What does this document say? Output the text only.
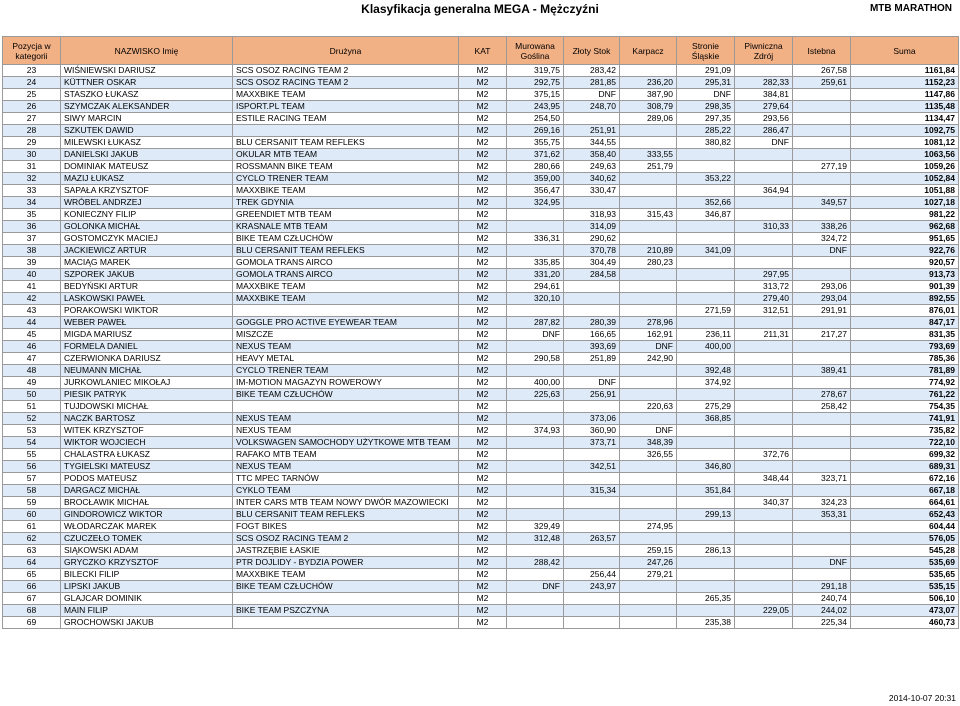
Klasyfikacja generalna MEGA - Mężczyźni	MTB MARATHON
Pozycja w kategorii	NAZWISKO Imię	Drużyna	KAT	Murowana Goślina	Złoty Stok	Karpacz	Stronie Śląskie	Piwniczna Zdrój	Istebna	Suma
23	WIŚNIEWSKI DARIUSZ	SCS OSOZ RACING TEAM 2	M2	319,75	283,42		291,09		267,58	1161,84
24	KÜTTNER OSKAR	SCS OSOZ RACING TEAM 2	M2	292,75	281,85	236,20	295,31	282,33	259,61	1152,23
25	STASZKO ŁUKASZ	MAXXBIKE TEAM	M2	375,15	DNF	387,90	DNF	384,81		1147,86
26	SZYMCZAK ALEKSANDER	ISPORT.PL TEAM	M2	243,95	248,70	308,79	298,35	279,64		1135,48
27	SIWY MARCIN	ESTILE RACING TEAM	M2	254,50		289,06	297,35	293,56		1134,47
28	SZKUTEK DAWID		M2	269,16	251,91		285,22	286,47		1092,75
29	MILEWSKI ŁUKASZ	BLU CERSANIT TEAM REFLEKS	M2	355,75	344,55		380,82	DNF		1081,12
30	DANIELSKI JAKUB	OKULAR MTB TEAM	M2	371,62	358,40	333,55				1063,56
31	DOMINIAK MATEUSZ	ROSSMANN BIKE TEAM	M2	280,66	249,63	251,79			277,19	1059,26
32	MAZIJ ŁUKASZ	CYCLO TRENER TEAM	M2	359,00	340,62		353,22			1052,84
33	SAPAŁA KRZYSZTOF	MAXXBIKE TEAM	M2	356,47	330,47			364,94		1051,88
34	WRÓBEL ANDRZEJ	TREK GDYNIA	M2	324,95			352,66		349,57	1027,18
35	KONIECZNY FILIP	GREENDIET MTB TEAM	M2		318,93	315,43	346,87			981,22
36	GOLONKA MICHAŁ	KRASNALE MTB TEAM	M2		314,09			310,33	338,26	962,68
37	GOSTOMCZYK MACIEJ	BIKE TEAM CZŁUCHÓW	M2	336,31	290,62				324,72	951,65
38	JACKIEWICZ ARTUR	BLU CERSANIT TEAM REFLEKS	M2		370,78	210,89	341,09		DNF	922,76
39	MACIĄG MAREK	GOMOLA TRANS AIRCO	M2	335,85	304,49	280,23				920,57
40	SZPOREK JAKUB	GOMOLA TRANS AIRCO	M2	331,20	284,58			297,95		913,73
41	BEDYŃSKI ARTUR	MAXXBIKE TEAM	M2	294,61				313,72	293,06	901,39
42	LASKOWSKI PAWEŁ	MAXXBIKE TEAM	M2	320,10				279,40	293,04	892,55
43	PORAKOWSKI WIKTOR		M2				271,59	312,51	291,91	876,01
44	WEBER PAWEŁ	GOGGLE PRO ACTIVE EYEWEAR TEAM	M2	287,82	280,39	278,96				847,17
45	MIGDA MARIUSZ	MISZCZE	M2	DNF	166,65	162,91	236,11	211,31	217,27	831,35
46	FORMELA DANIEL	NEXUS TEAM	M2		393,69	DNF	400,00			793,69
47	CZERWIONKA DARIUSZ	HEAVY METAL	M2	290,58	251,89	242,90				785,36
48	NEUMANN MICHAŁ	CYCLO TRENER TEAM	M2				392,48		389,41	781,89
49	JURKOWLANIEC MIKOŁAJ	IM-MOTION MAGAZYN ROWEROWY	M2	400,00	DNF		374,92			774,92
50	PIESIK PATRYK	BIKE TEAM CZŁUCHÓW	M2	225,63	256,91				278,67	761,22
51	TUJDOWSKI MICHAŁ		M2			220,63	275,29		258,42	754,35
52	NACZK BARTOSZ	NEXUS TEAM	M2		373,06		368,85			741,91
53	WITEK KRZYSZTOF	NEXUS TEAM	M2	374,93	360,90	DNF				735,82
54	WIKTOR WOJCIECH	VOLKSWAGEN SAMOCHODY UŻYTKOWE MTB TEAM	M2		373,71	348,39				722,10
55	CHALASTRA ŁUKASZ	RAFAKO MTB TEAM	M2			326,55		372,76		699,32
56	TYGIELSKI MATEUSZ	NEXUS TEAM	M2		342,51		346,80			689,31
57	PODOS MATEUSZ	TTC MPEC TARNÓW	M2					348,44	323,71	672,16
58	DARGACZ MICHAŁ	CYKLO TEAM	M2		315,34		351,84			667,18
59	BROCŁAWIK MICHAŁ	INTER CARS MTB TEAM NOWY DWÓR MAZOWIECKI	M2					340,37	324,23	664,61
60	GINDOROWICZ WIKTOR	BLU CERSANIT TEAM REFLEKS	M2				299,13		353,31	652,43
61	WŁODARCZAK MAREK	FOGT BIKES	M2	329,49		274,95				604,44
62	CZUCZEŁO TOMEK	SCS OSOZ RACING TEAM 2	M2	312,48	263,57					576,05
63	SIĄKOWSKI ADAM	JASTRZĘBIE ŁASKIE	M2			259,15	286,13			545,28
64	GRYCZKO KRZYSZTOF	PTR DOJLIDY - BYDZIA POWER	M2	288,42		247,26			DNF	535,69
65	BILECKI FILIP	MAXXBIKE TEAM	M2		256,44	279,21				535,65
66	LIPSKI JAKUB	BIKE TEAM CZŁUCHÓW	M2	DNF	243,97				291,18	535,15
67	GLAJCAR DOMINIK		M2				265,35		240,74	506,10
68	MAIN FILIP	BIKE TEAM PSZCZYNA	M2					229,05	244,02	473,07
69	GROCHOWSKI JAKUB		M2				235,38		225,34	460,73
2014-10-07 20:31
